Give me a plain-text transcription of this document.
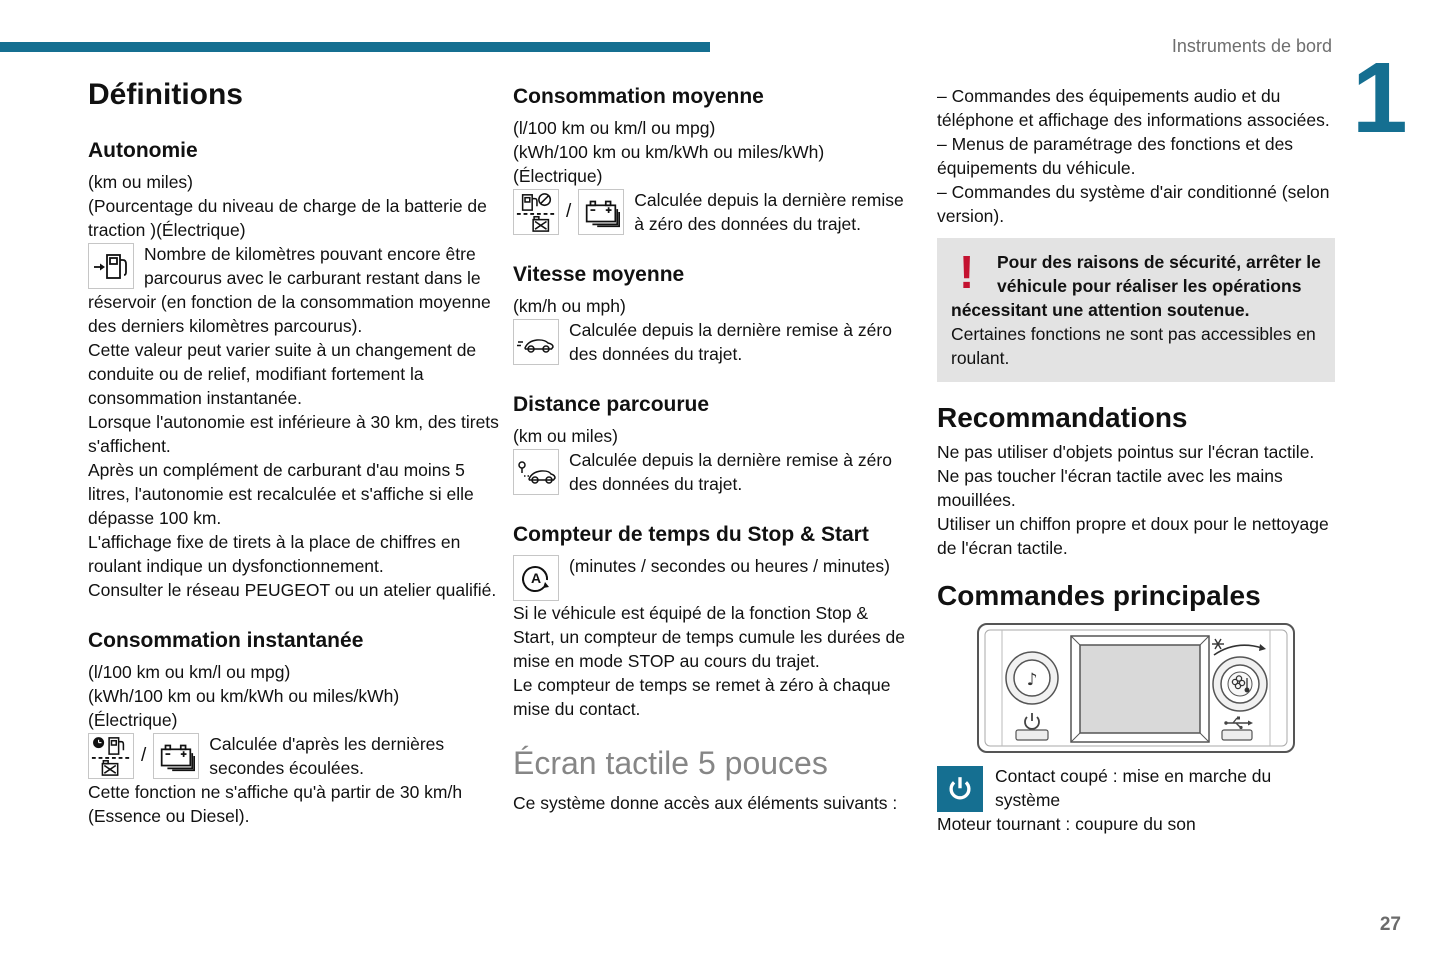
Instruments de bord 1
27
Définitions
Autonomie

(km ou miles)

(Pourcentage du niveau de charge de la batterie de traction )(Électrique)

Nombre de kilomètres pouvant encore être parcourus avec le carburant restant dans le réservoir (en fonction de la consommation moyenne des derniers kilomètres parcourus).

Cette valeur peut varier suite à un changement de conduite ou de relief, modifiant fortement la consommation instantanée.

Lorsque l'autonomie est inférieure à 30 km, des tirets s'affichent.

Après un complément de carburant d'au moins 5 litres, l'autonomie est recalculée et s'affiche si elle dépasse 100 km.

L'affichage fixe de tirets à la place de chiffres en roulant indique un dysfonctionnement.

Consulter le réseau PEUGEOT ou un atelier qualifié.

Consommation instantanée

(l/100 km ou km/l ou mpg)

(kWh/100 km ou km/kWh ou miles/kWh)

(Électrique)

/

Calculée d'après les dernières secondes écoulées.

Cette fonction ne s'affiche qu'à partir de 30 km/h (Essence ou Diesel).

Consommation moyenne

(l/100 km ou km/l ou mpg)

(kWh/100 km ou km/kWh ou miles/kWh)

(Électrique)

/

Calculée depuis la dernière remise à zéro des données du trajet.

Vitesse moyenne

(km/h ou mph)

Calculée depuis la dernière remise à zéro des données du trajet.

Distance parcourue

(km ou miles)

Calculée depuis la dernière remise à zéro des données du trajet.

Compteur de temps du Stop & Start
A

(minutes / secondes ou heures / minutes)

Si le véhicule est équipé de la fonction Stop & Start, un compteur de temps cumule les durées de mise en mode STOP au cours du trajet.

Le compteur de temps se remet à zéro à chaque mise du contact.

Écran tactile 5 pouces

Ce système donne accès aux éléments suivants :

– Commandes des équipements audio et du téléphone et affichage des informations associées.

– Menus de paramétrage des fonctions et des équipements du véhicule.

– Commandes du système d'air conditionné (selon version).

!	Pour des raisons de sécurité, arrêter le véhicule pour réaliser les opérations nécessitant une attention soutenue.

Certaines fonctions ne sont pas accessibles en roulant.

Recommandations

Ne pas utiliser d'objets pointus sur l'écran tactile.

Ne pas toucher l'écran tactile avec les mains mouillées.

Utiliser un chiffon propre et doux pour le nettoyage de l'écran tactile.

Commandes principales
♪

Contact coupé : mise en marche du système

Moteur tournant : coupure du son
